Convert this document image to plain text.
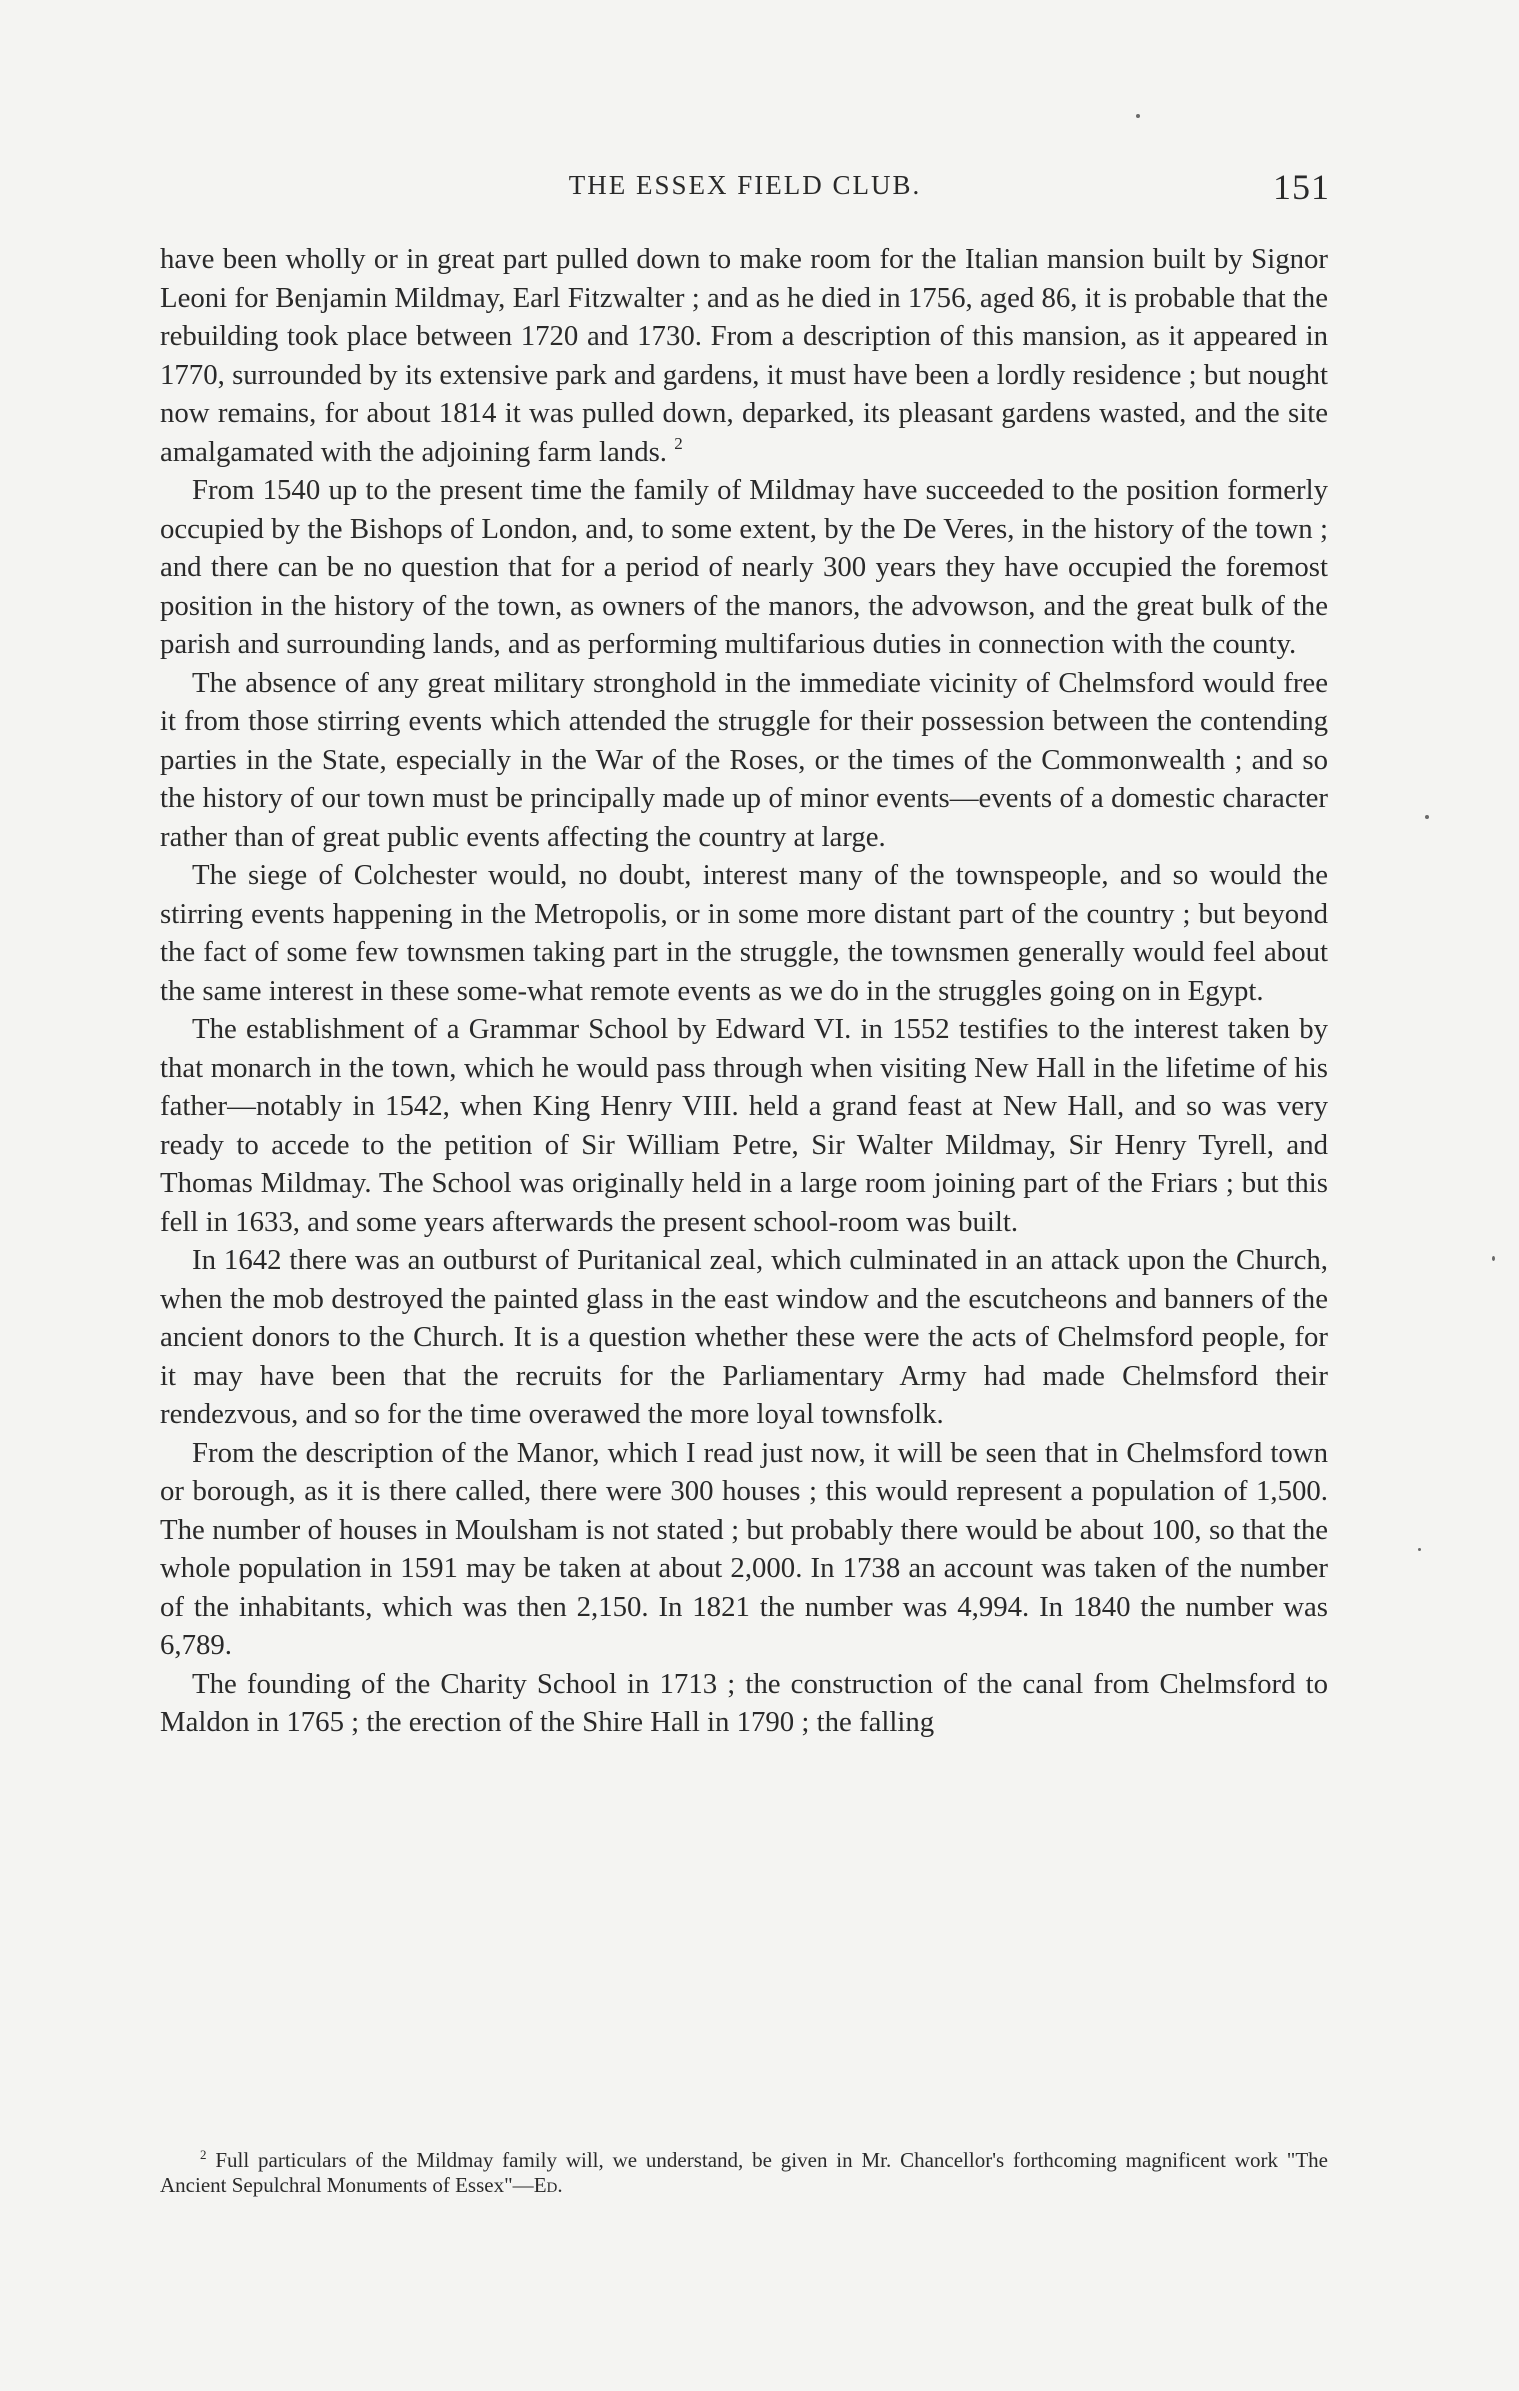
THE ESSEX FIELD CLUB.	151

have been wholly or in great part pulled down to make room for the Italian mansion built by Signor Leoni for Benjamin Mildmay, Earl Fitzwalter ; and as he died in 1756, aged 86, it is probable that the rebuilding took place between 1720 and 1730. From a description of this mansion, as it appeared in 1770, surrounded by its extensive park and gardens, it must have been a lordly residence ; but nought now remains, for about 1814 it was pulled down, deparked, its pleasant gardens wasted, and the site amalgamated with the adjoining farm lands. $^2$

From 1540 up to the present time the family of Mildmay have succeeded to the position formerly occupied by the Bishops of London, and, to some extent, by the De Veres, in the history of the town ; and there can be no question that for a period of nearly 300 years they have occupied the foremost position in the history of the town, as owners of the manors, the advowson, and the great bulk of the parish and surrounding lands, and as performing multifarious duties in connection with the county.

The absence of any great military stronghold in the immediate vicinity of Chelmsford would free it from those stirring events which attended the struggle for their possession between the contending parties in the State, especially in the War of the Roses, or the times of the Commonwealth ; and so the history of our town must be principally made up of minor events—events of a domestic character rather than of great public events affecting the country at large.

The siege of Colchester would, no doubt, interest many of the townspeople, and so would the stirring events happening in the Metropolis, or in some more distant part of the country ; but beyond the fact of some few townsmen taking part in the struggle, the townsmen generally would feel about the same interest in these some-what remote events as we do in the struggles going on in Egypt.

The establishment of a Grammar School by Edward VI. in 1552 testifies to the interest taken by that monarch in the town, which he would pass through when visiting New Hall in the lifetime of his father—notably in 1542, when King Henry VIII. held a grand feast at New Hall, and so was very ready to accede to the petition of Sir William Petre, Sir Walter Mildmay, Sir Henry Tyrell, and Thomas Mildmay. The School was originally held in a large room joining part of the Friars ; but this fell in 1633, and some years afterwards the present school-room was built.

In 1642 there was an outburst of Puritanical zeal, which culminated in an attack upon the Church, when the mob destroyed the painted glass in the east window and the escutcheons and banners of the ancient donors to the Church. It is a question whether these were the acts of Chelmsford people, for it may have been that the recruits for the Parliamentary Army had made Chelmsford their rendezvous, and so for the time overawed the more loyal townsfolk.

From the description of the Manor, which I read just now, it will be seen that in Chelmsford town or borough, as it is there called, there were 300 houses ; this would represent a population of 1,500. The number of houses in Moulsham is not stated ; but probably there would be about 100, so that the whole population in 1591 may be taken at about 2,000. In 1738 an account was taken of the number of the inhabitants, which was then 2,150. In 1821 the number was 4,994. In 1840 the number was 6,789.

The founding of the Charity School in 1713 ; the construction of the canal from Chelmsford to Maldon in 1765 ; the erection of the Shire Hall in 1790 ; the falling

$^2$ Full particulars of the Mildmay family will, we understand, be given in Mr. Chancellor's forthcoming magnificent work "The Ancient Sepulchral Monuments of Essex"—Ed.
